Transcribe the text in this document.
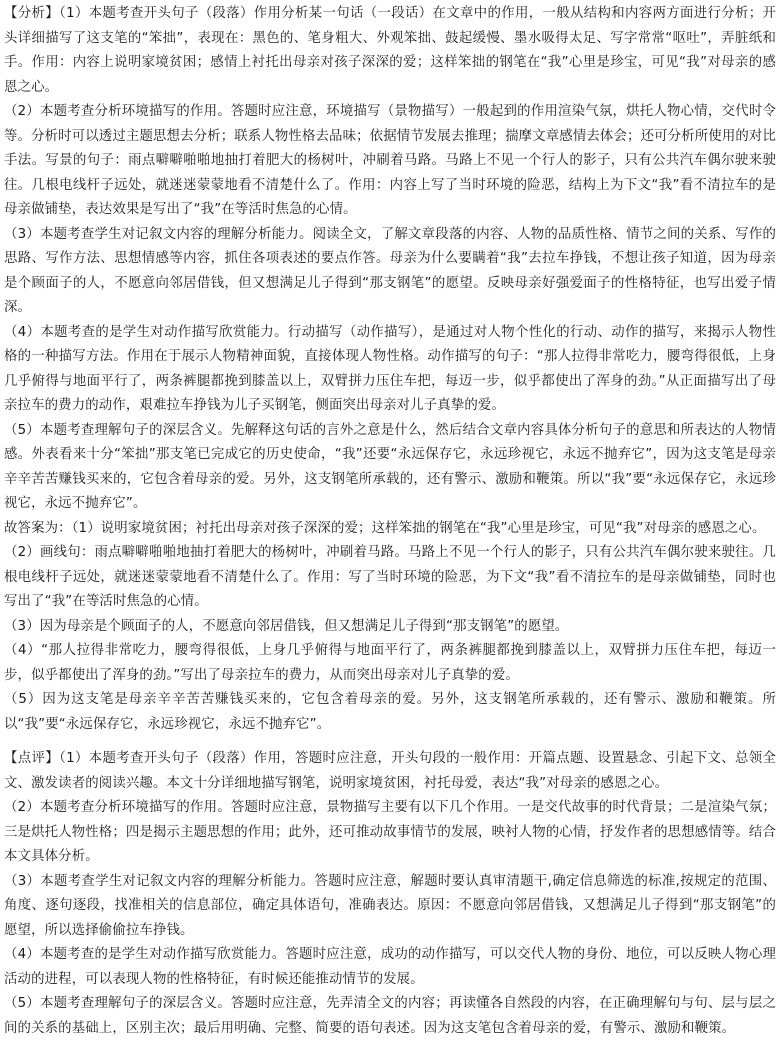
【分析】（1）本题考查开头句子（段落）作用分析某一句话（一段话）在文章中的作用，一般从结构和内容两方面进行分析；开头详细描写了这支笔的“笨拙”，表现在：黑色的、笔身粗大、外观笨拙、鼓起缓慢、墨水吸得太足、写字常常“呕吐”，弄脏纸和手。作用：内容上说明家境贫困；感情上衬托出母亲对孩子深深的爱；这样笨拙的钢笔在“我”心里是珍宝，可见“我”对母亲的感恩之心。

（2）本题考查分析环境描写的作用。答题时应注意，环境描写（景物描写）一般起到的作用渲染气氛，烘托人物心情，交代时令等。分析时可以透过主题思想去分析；联系人物性格去品味；依据情节发展去推理；揣摩文章感情去体会；还可分析所使用的对比手法。写景的句子：雨点噼噼啪啪地抽打着肥大的杨树叶，冲刷着马路。马路上不见一个行人的影子，只有公共汽车偶尔驶来驶往。几根电线杆子远处，就迷迷蒙蒙地看不清楚什么了。作用：内容上写了当时环境的险恶，结构上为下文“我”看不清拉车的是母亲做铺垫，表达效果是写出了“我”在等活时焦急的心情。

（3）本题考查学生对记叙文内容的理解分析能力。阅读全文，了解文章段落的内容、人物的品质性格、情节之间的关系、写作的思路、写作方法、思想情感等内容，抓住各项表述的要点作答。母亲为什么要瞒着“我”去拉车挣钱，不想让孩子知道，因为母亲是个顾面子的人，不愿意向邻居借钱，但又想满足儿子得到“那支钢笔”的愿望。反映母亲好强爱面子的性格特征，也写出爱子情深。

（4）本题考查的是学生对动作描写欣赏能力。行动描写（动作描写），是通过对人物个性化的行动、动作的描写，来揭示人物性格的一种描写方法。作用在于展示人物精神面貌，直接体现人物性格。动作描写的句子：“那人拉得非常吃力，腰弯得很低，上身几乎俯得与地面平行了，两条裤腿都挽到膝盖以上，双臂拼力压住车把，每迈一步，似乎都使出了浑身的劲。”从正面描写出了母亲拉车的费力的动作，艰难拉车挣钱为儿子买钢笔，侧面突出母亲对儿子真挚的爱。

（5）本题考查理解句子的深层含义。先解释这句话的言外之意是什么，然后结合文章内容具体分析句子的意思和所表达的人物情感。外表看来十分“笨拙”那支笔已完成它的历史使命，“我”还要“永远保存它，永远珍视它，永远不抛弃它”，因为这支笔是母亲辛辛苦苦赚钱买来的，它包含着母亲的爱。另外，这支钢笔所承载的，还有警示、激励和鞭策。所以“我”要“永远保存它，永远珍视它，永远不抛弃它”。

故答案为：（1）说明家境贫困；衬托出母亲对孩子深深的爱；这样笨拙的钢笔在“我”心里是珍宝，可见“我”对母亲的感恩之心。

（2）画线句：雨点噼噼啪啪地抽打着肥大的杨树叶，冲刷着马路。马路上不见一个行人的影子，只有公共汽车偶尔驶来驶往。几根电线杆子远处，就迷迷蒙蒙地看不清楚什么了。作用：写了当时环境的险恶，为下文“我”看不清拉车的是母亲做铺垫，同时也写出了“我”在等活时焦急的心情。

（3）因为母亲是个顾面子的人，不愿意向邻居借钱，但又想满足儿子得到“那支钢笔”的愿望。

（4）“那人拉得非常吃力，腰弯得很低，上身几乎俯得与地面平行了，两条裤腿都挽到膝盖以上，双臂拼力压住车把，每迈一步，似乎都使出了浑身的劲。”写出了母亲拉车的费力，从而突出母亲对儿子真挚的爱。

（5）因为这支笔是母亲辛辛苦苦赚钱买来的，它包含着母亲的爱。另外，这支钢笔所承载的，还有警示、激励和鞭策。所以“我”要“永远保存它，永远珍视它，永远不抛弃它”。

【点评】（1）本题考查开头句子（段落）作用，答题时应注意，开头句段的一般作用：开篇点题、设置悬念、引起下文、总领全文、激发读者的阅读兴趣。本文十分详细地描写钢笔，说明家境贫困，衬托母爱，表达“我”对母亲的感恩之心。

（2）本题考查分析环境描写的作用。答题时应注意，景物描写主要有以下几个作用。一是交代故事的时代背景；二是渲染气氛；三是烘托人物性格；四是揭示主题思想的作用；此外，还可推动故事情节的发展，映衬人物的心情，抒发作者的思想感情等。结合本文具体分析。

（3）本题考查学生对记叙文内容的理解分析能力。答题时应注意，解题时要认真审清题干,确定信息筛选的标准,按规定的范围、角度、逐句逐段，找准相关的信息部位，确定具体语句，准确表达。原因：不愿意向邻居借钱，又想满足儿子得到“那支钢笔”的愿望，所以选择偷偷拉车挣钱。

（4）本题考查的是学生对动作描写欣赏能力。答题时应注意，成功的动作描写，可以交代人物的身份、地位，可以反映人物心理活动的进程，可以表现人物的性格特征，有时候还能推动情节的发展。

（5）本题考查理解句子的深层含义。答题时应注意，先弄清全文的内容；再读懂各自然段的内容，在正确理解句与句、层与层之间的关系的基础上，区别主次；最后用明确、完整、简要的语句表述。因为这支笔包含着母亲的爱，有警示、激励和鞭策。
